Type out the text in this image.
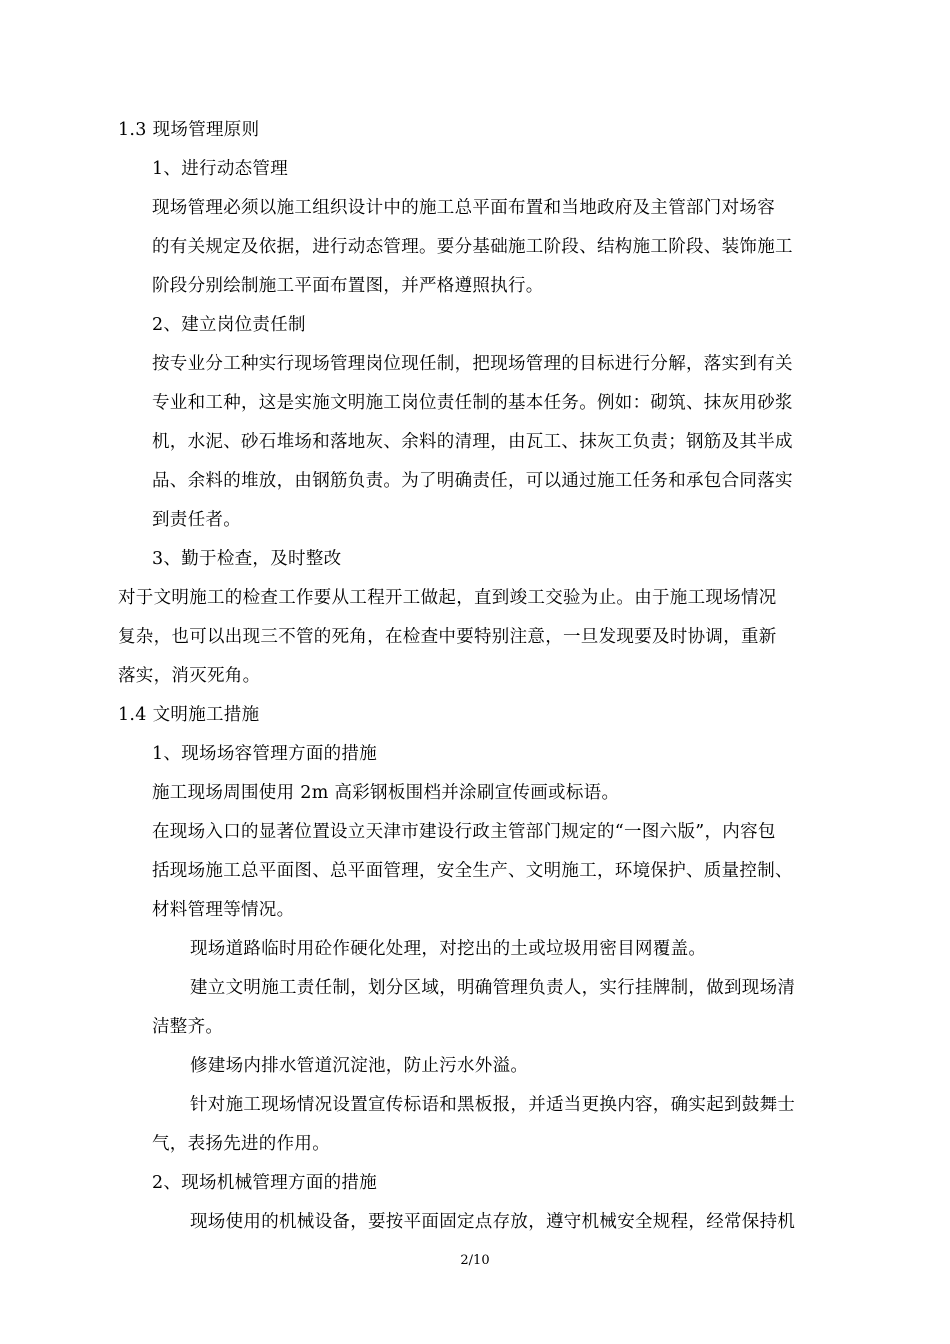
1.3 现场管理原则

1、进行动态管理

现场管理必须以施工组织设计中的施工总平面布置和当地政府及主管部门对场容

的有关规定及依据，进行动态管理。要分基础施工阶段、结构施工阶段、装饰施工

阶段分别绘制施工平面布置图，并严格遵照执行。

2、建立岗位责任制

按专业分工种实行现场管理岗位现任制，把现场管理的目标进行分解，落实到有关

专业和工种，这是实施文明施工岗位责任制的基本任务。例如：砌筑、抹灰用砂浆

机，水泥、砂石堆场和落地灰、余料的清理，由瓦工、抹灰工负责；钢筋及其半成

品、余料的堆放，由钢筋负责。为了明确责任，可以通过施工任务和承包合同落实

到责任者。

3、勤于检查，及时整改

对于文明施工的检查工作要从工程开工做起，直到竣工交验为止。由于施工现场情况

复杂，也可以出现三不管的死角，在检查中要特别注意，一旦发现要及时协调，重新

落实，消灭死角。

1.4 文明施工措施

1、现场场容管理方面的措施

施工现场周围使用 2m 高彩钢板围档并涂刷宣传画或标语。

在现场入口的显著位置设立天津市建设行政主管部门规定的“一图六版”，内容包

括现场施工总平面图、总平面管理，安全生产、文明施工，环境保护、质量控制、

材料管理等情况。

现场道路临时用砼作硬化处理，对挖出的土或垃圾用密目网覆盖。

建立文明施工责任制，划分区域，明确管理负责人，实行挂牌制，做到现场清

洁整齐。

修建场内排水管道沉淀池，防止污水外溢。

针对施工现场情况设置宣传标语和黑板报，并适当更换内容，确实起到鼓舞士

气，表扬先进的作用。

2、现场机械管理方面的措施

现场使用的机械设备，要按平面固定点存放，遵守机械安全规程，经常保持机

2/10
